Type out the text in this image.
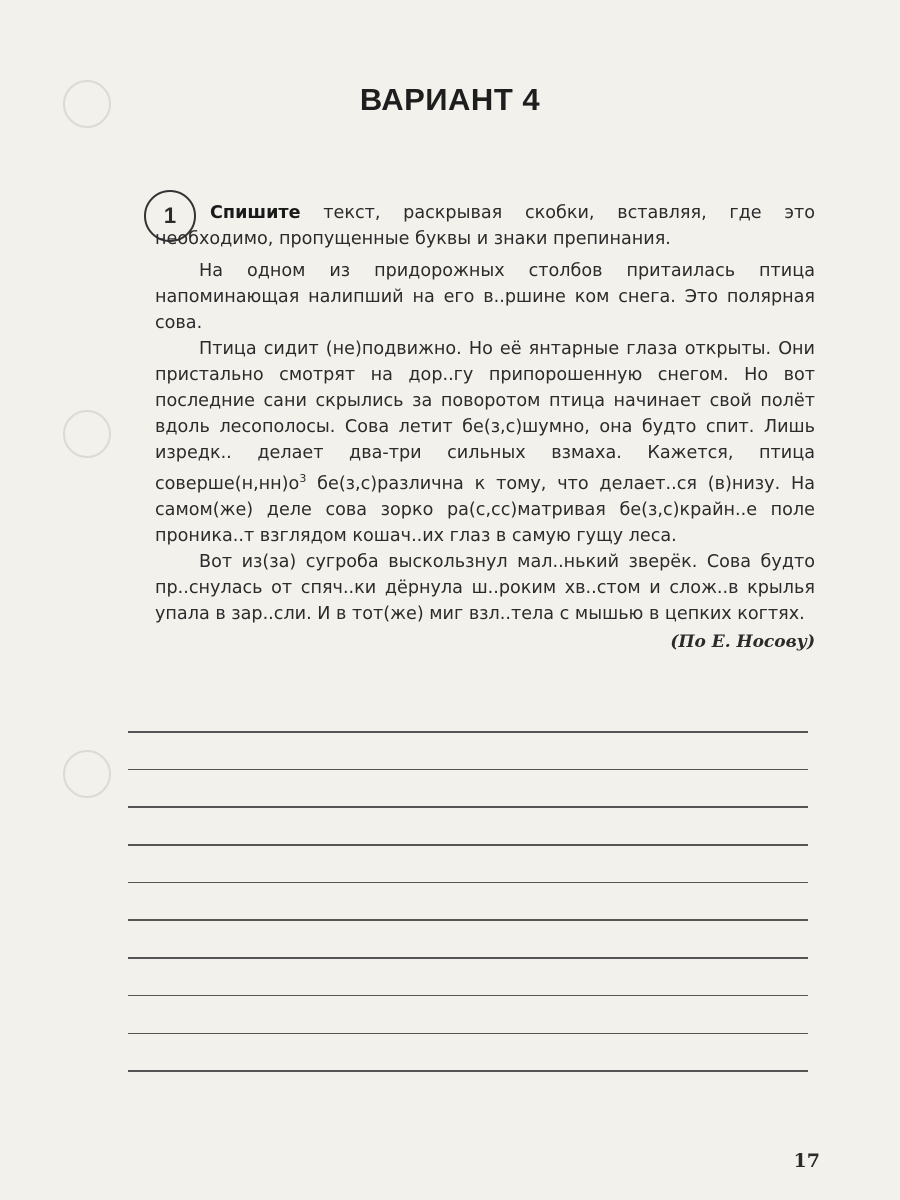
ВАРИАНТ 4
1	Спишите текст, раскрывая скобки, вставляя, где это необходимо, пропущенные буквы и знаки препинания.

На одном из придорожных столбов притаилась птица напоминающая налипший на его в..ршине ком снега. Это полярная сова.

Птица сидит (не)подвижно. Но её янтарные глаза открыты. Они пристально смотрят на дор..гу припорошенную снегом. Но вот последние сани скрылись за поворотом птица начинает свой полёт вдоль лесополосы. Сова летит бе(з,с)шумно, она будто спит. Лишь изредк.. делает два-три сильных взмаха. Кажется, птица $соверше(н,нн)о^3$ бе(з,с)различна к тому, что делает..ся (в)низу. На самом(же) деле сова зорко ра(с,сс)матривая бе(з,с)крайн..е поле проника..т взглядом кошач..их глаз в самую гущу леса.

Вот из(за) сугроба выскользнул мал..нький зверёк. Сова будто пр..снулась от спяч..ки дёрнула ш..роким хв..стом и слож..в крылья упала в зар..сли. И в тот(же) миг взл..тела с мышью в цепких когтях.

(По Е. Носову)
17
